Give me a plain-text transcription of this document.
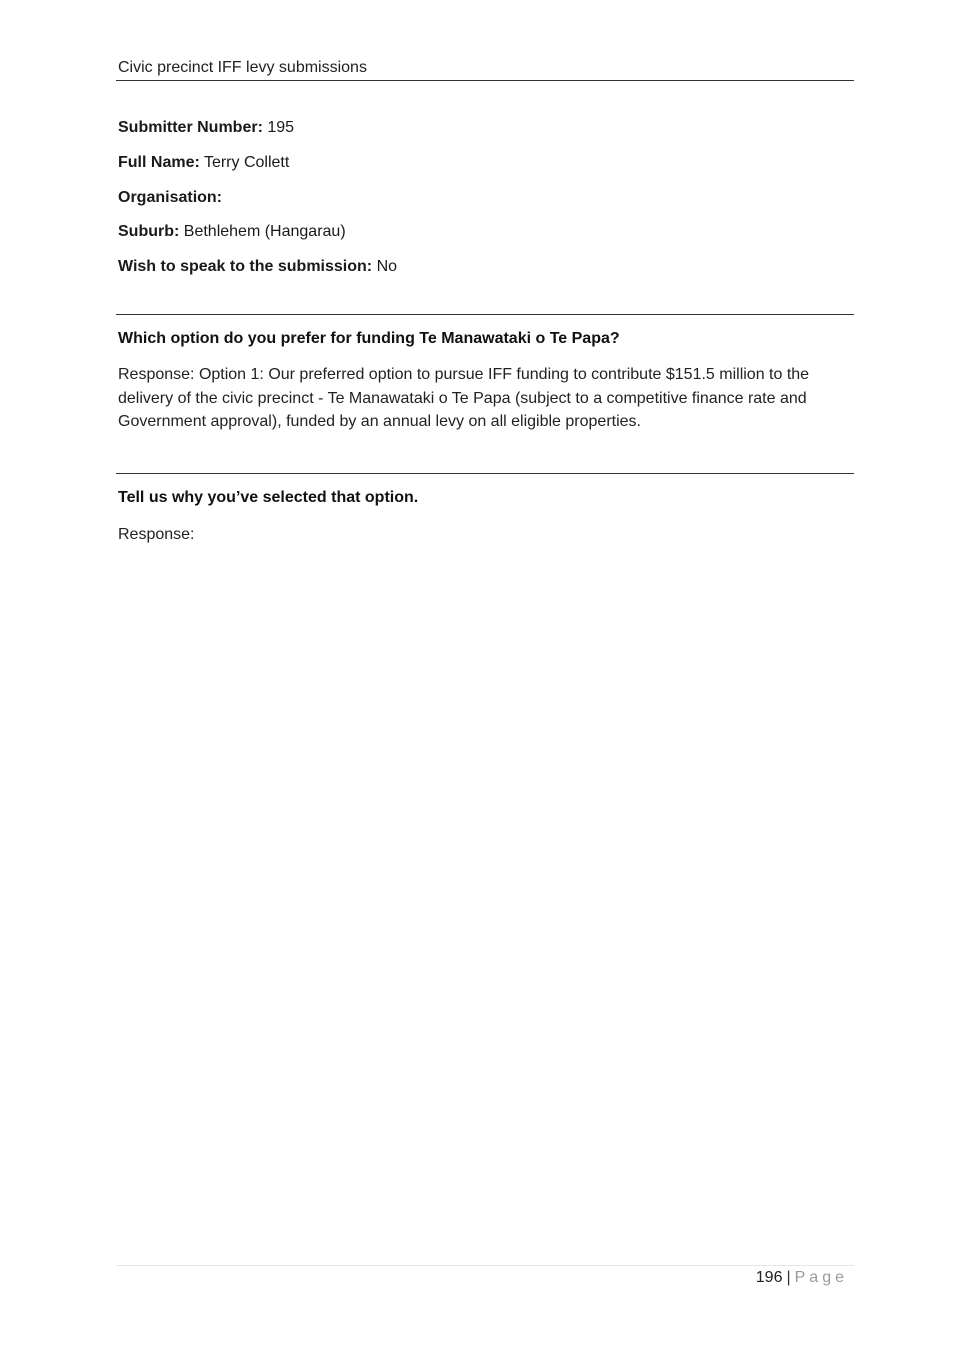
Civic precinct IFF levy submissions
Submitter Number: 195
Full Name: Terry Collett
Organisation:
Suburb: Bethlehem (Hangarau)
Wish to speak to the submission: No
Which option do you prefer for funding Te Manawataki o Te Papa?
Response: Option 1: Our preferred option to pursue IFF funding to contribute $151.5 million to the delivery of the civic precinct - Te Manawataki o Te Papa (subject to a competitive finance rate and Government approval), funded by an annual levy on all eligible properties.
Tell us why you’ve selected that option.
Response:
196 | Page
